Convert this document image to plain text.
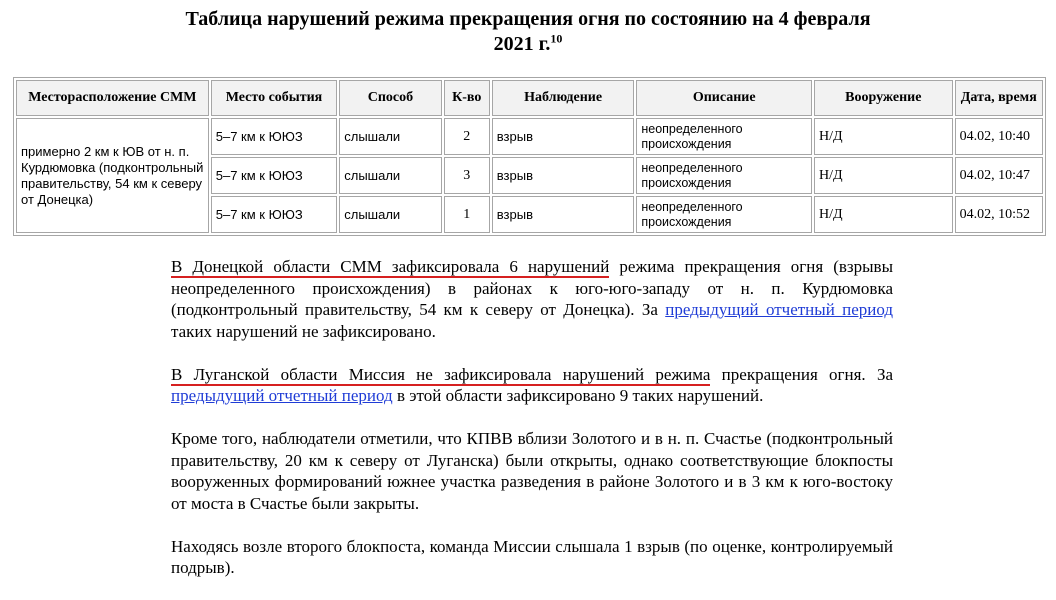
Таблица нарушений режима прекращения огня по состоянию на 4 февраля
2021 г.$^{10}$
Месторасположение СММ	Место события	Способ	К-во	Наблюдение	Описание	Вооружение	Дата, время
примерно 2 км к ЮВ от н. п. Курдюмовка (подконтрольный правительству, 54 км к северу от Донецка)	5–7 км к ЮЮЗ	слышали	2	взрыв	неопределенного происхождения	Н/Д	04.02, 10:40
	5–7 км к ЮЮЗ	слышали	3	взрыв	неопределенного происхождения	Н/Д	04.02, 10:47
	5–7 км к ЮЮЗ	слышали	1	взрыв	неопределенного происхождения	Н/Д	04.02, 10:52

В Донецкой области СММ зафиксировала 6 нарушений режима прекращения огня (взрывы неопределенного происхождения) в районах к юго-юго-западу от н. п. Курдюмовка (подконтрольный правительству, 54 км к северу от Донецка). За предыдущий отчетный период таких нарушений не зафиксировано.

В Луганской области Миссия не зафиксировала нарушений режима прекращения огня. За предыдущий отчетный период в этой области зафиксировано 9 таких нарушений.

Кроме того, наблюдатели отметили, что КПВВ вблизи Золотого и в н. п. Счастье (подконтрольный правительству, 20 км к северу от Луганска) были открыты, однако соответствующие блокпосты вооруженных формирований южнее участка разведения в районе Золотого и в 3 км к юго-востоку от моста в Счастье были закрыты.

Находясь возле второго блокпоста, команда Миссии слышала 1 взрыв (по оценке, контролируемый подрыв).
